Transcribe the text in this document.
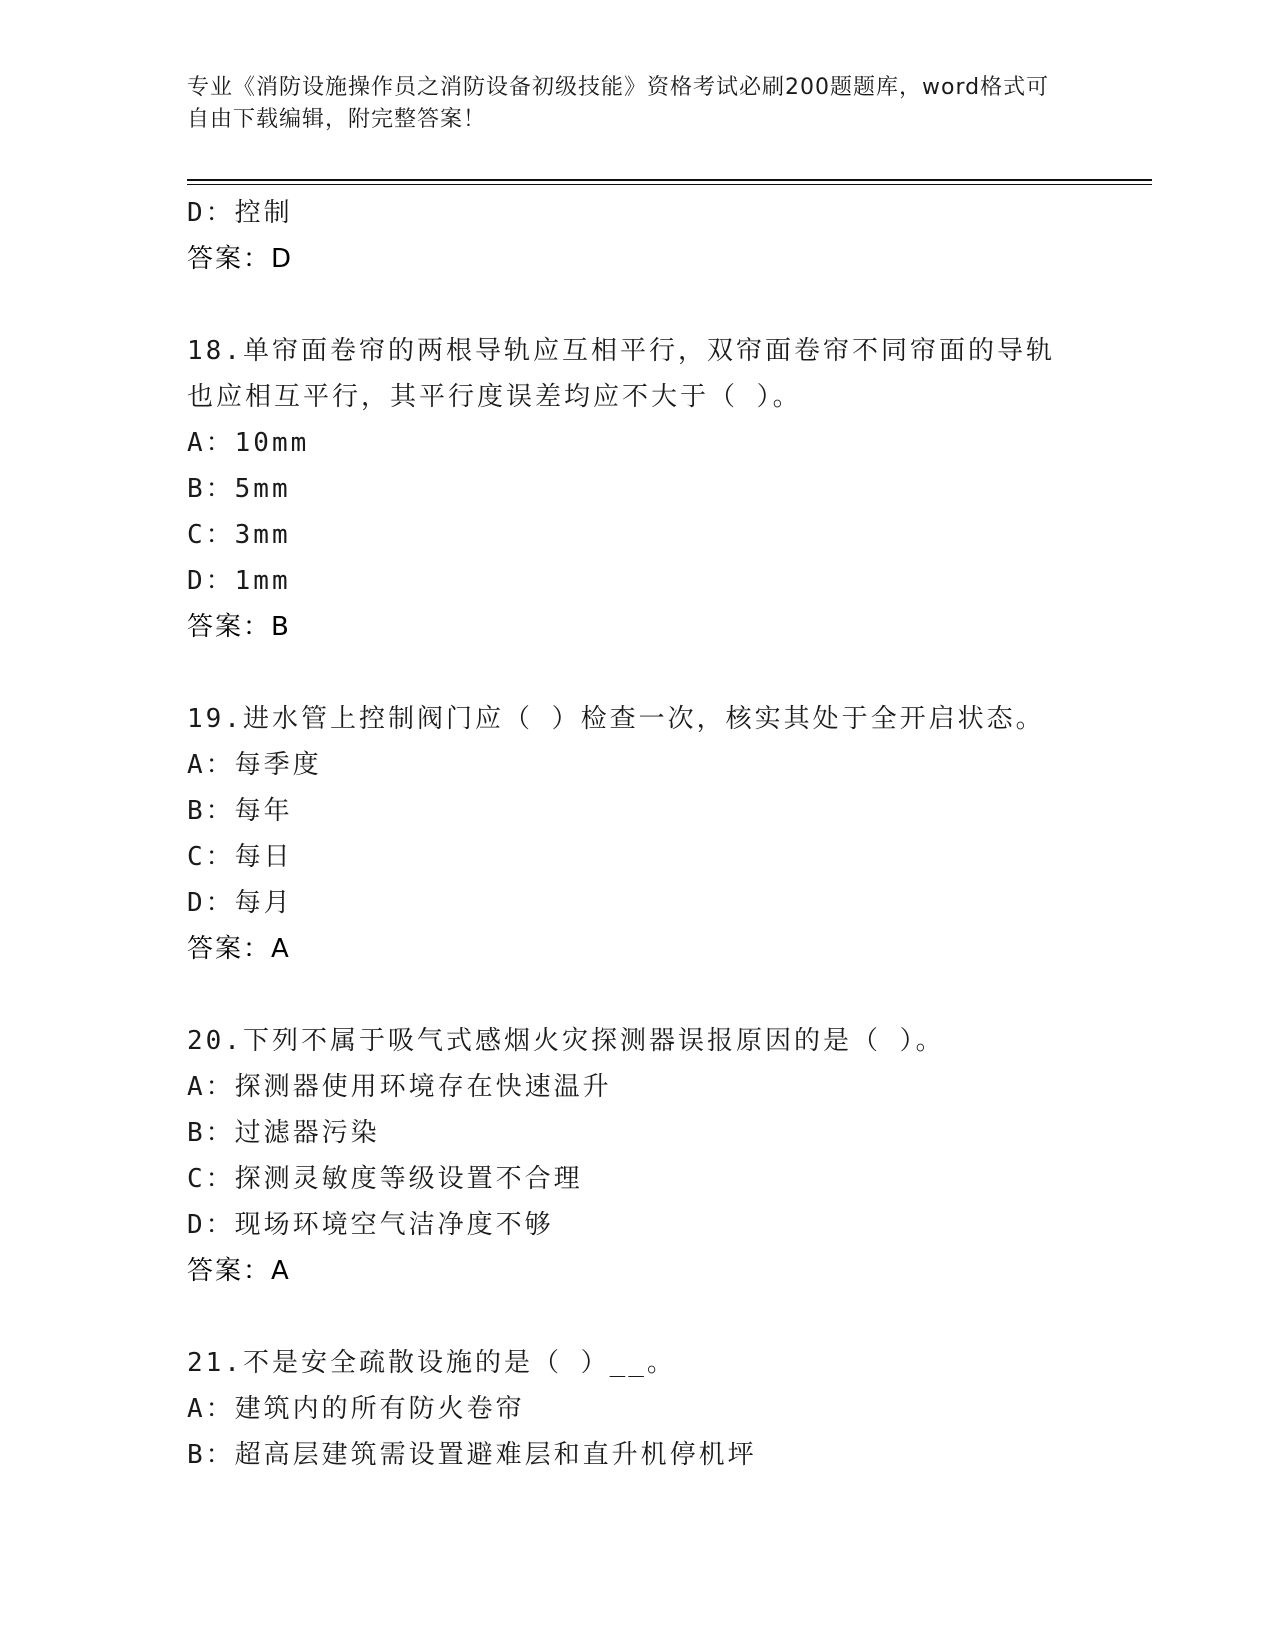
专业《消防设施操作员之消防设备初级技能》资格考试必刷200题题库，word格式可自由下载编辑，附完整答案！
D：控制
答案：D
18.单帘面卷帘的两根导轨应互相平行，双帘面卷帘不同帘面的导轨也应相互平行，其平行度误差均应不大于（ ）。
A：10mm
B：5mm
C：3mm
D：1mm
答案：B
19.进水管上控制阀门应（ ）检查一次，核实其处于全开启状态。
A：每季度
B：每年
C：每日
D：每月
答案：A
20.下列不属于吸气式感烟火灾探测器误报原因的是（ ）。
A：探测器使用环境存在快速温升
B：过滤器污染
C：探测灵敏度等级设置不合理
D：现场环境空气洁净度不够
答案：A
21.不是安全疏散设施的是（ ）__。
A：建筑内的所有防火卷帘
B：超高层建筑需设置避难层和直升机停机坪
